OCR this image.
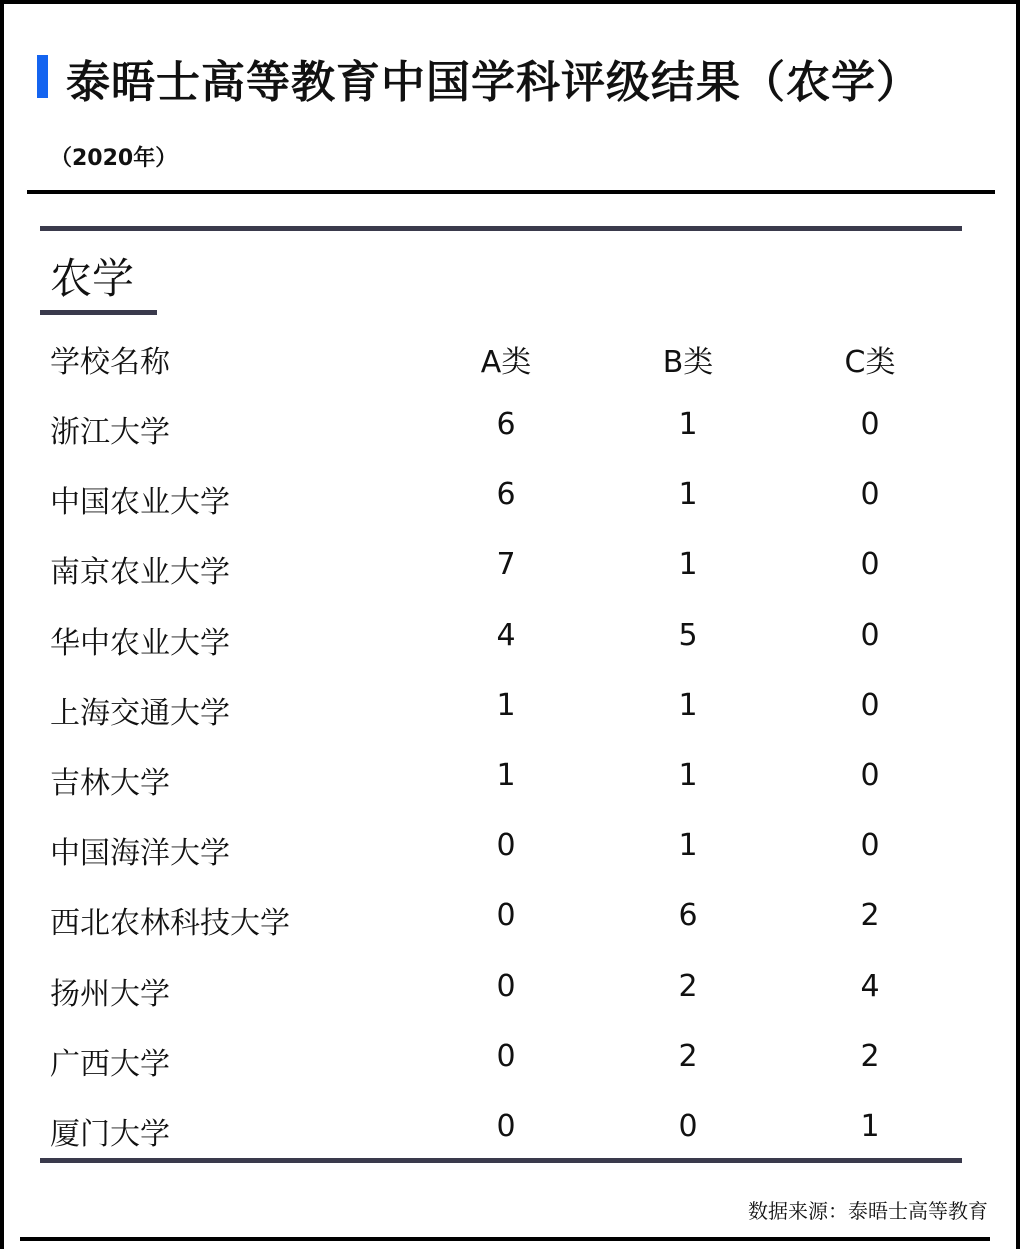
泰晤士高等教育中国学科评级结果（农学）
（2020年）
农学
学校名称	A类	B类	C类
浙江大学	6	1	0
中国农业大学	6	1	0
南京农业大学	7	1	0
华中农业大学	4	5	0
上海交通大学	1	1	0
吉林大学	1	1	0
中国海洋大学	0	1	0
西北农林科技大学	0	6	2
扬州大学	0	2	4
广西大学	0	2	2
厦门大学	0	0	1
数据来源：泰晤士高等教育
